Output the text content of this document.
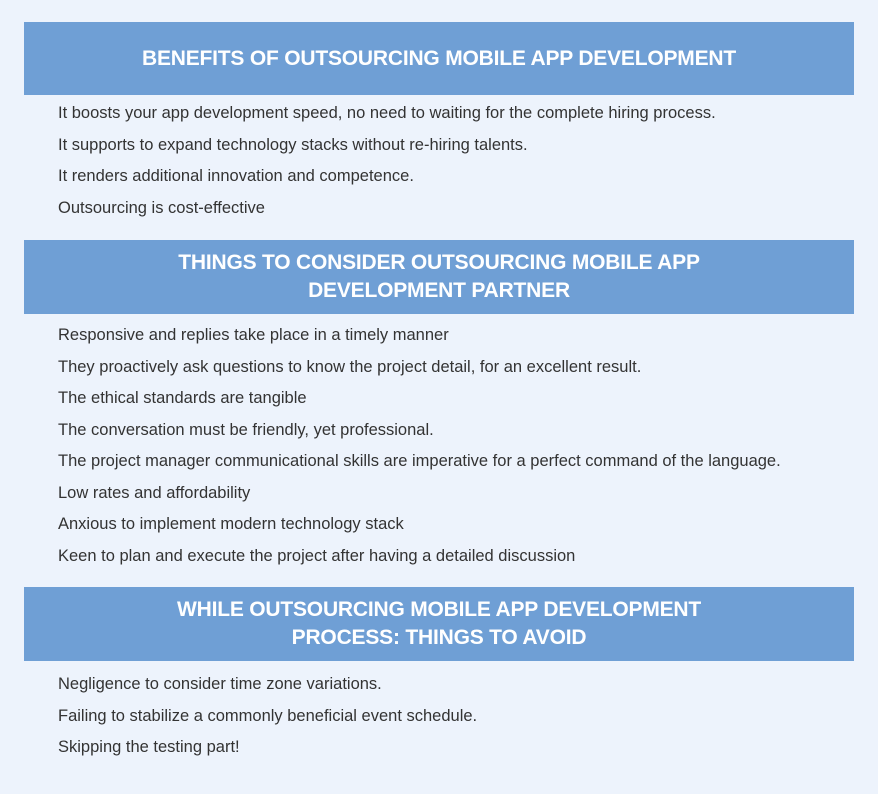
BENEFITS OF OUTSOURCING MOBILE APP DEVELOPMENT
It boosts your app development speed, no need to waiting for the complete hiring process.
It supports to expand technology stacks without re-hiring talents.
It renders additional innovation and competence.
Outsourcing is cost-effective
THINGS TO CONSIDER OUTSOURCING MOBILE APP DEVELOPMENT PARTNER
Responsive and replies take place in a timely manner
They proactively ask questions to know the project detail, for an excellent result.
The ethical standards are tangible
The conversation must be friendly, yet professional.
The project manager communicational skills are imperative for a perfect command of the language.
Low rates and affordability
Anxious to implement modern technology stack
Keen to plan and execute the project after having a detailed discussion
WHILE OUTSOURCING MOBILE APP DEVELOPMENT PROCESS: THINGS TO AVOID
Negligence to consider time zone variations.
Failing to stabilize a commonly beneficial event schedule.
Skipping the testing part!
